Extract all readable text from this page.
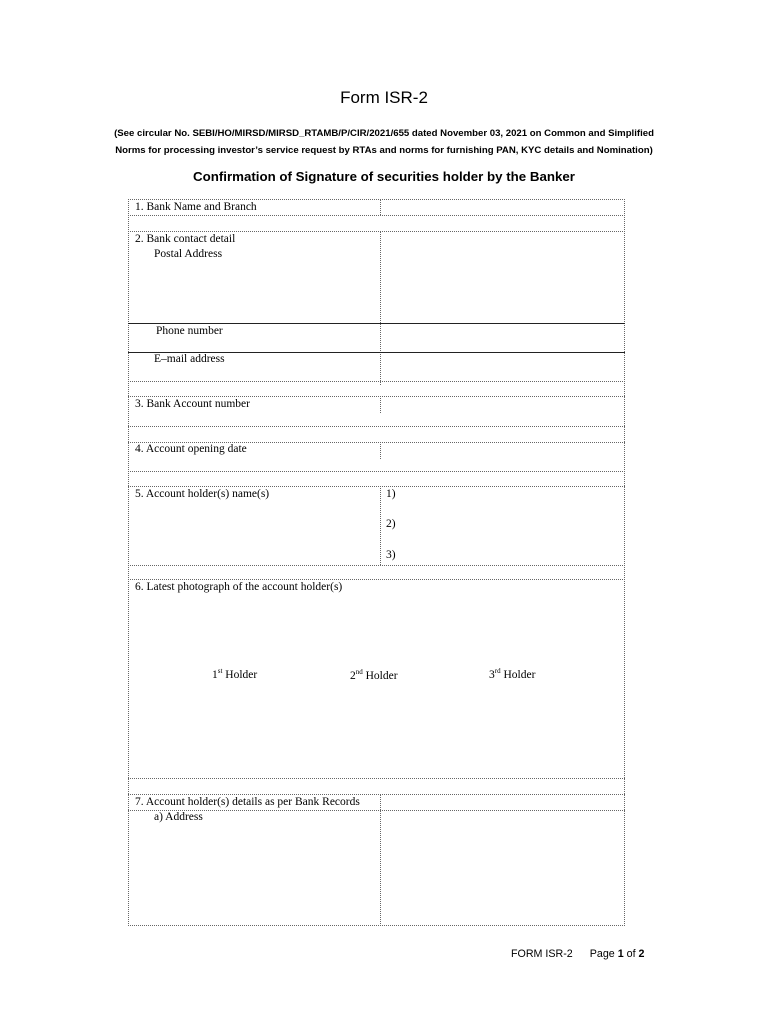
Form ISR-2
(See circular No. SEBI/HO/MIRSD/MIRSD_RTAMB/P/CIR/2021/655 dated November 03, 2021 on Common and Simplified
Norms for processing investor’s service request by RTAs and norms for furnishing PAN, KYC details and Nomination)
Confirmation of Signature of securities holder by the Banker
1. Bank Name and Branch
2. Bank contact detail
Postal Address
Phone number
E–mail address
3. Bank Account number
4. Account opening date
5. Account holder(s) name(s)	1)
2)
3)
6. Latest photograph of the account holder(s)
1st Holder	2nd Holder	3rd Holder
7. Account holder(s) details as per Bank Records
a) Address
FORM ISR-2 Page 1 of 2
